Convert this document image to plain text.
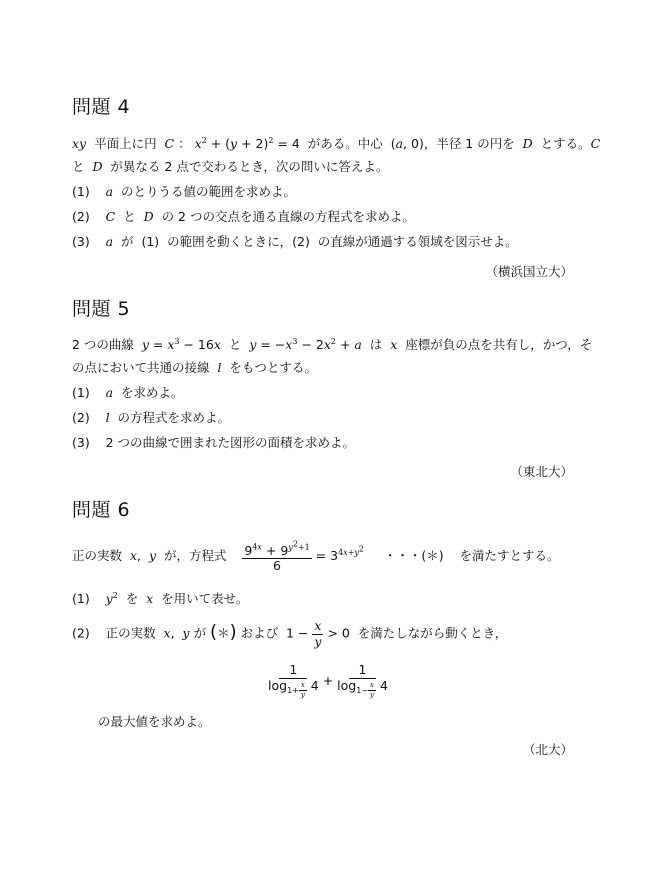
問題 4
xy  平面上に円  C ： $x^2 + (y + 2)^2 = 4$  がある。中心  (a, 0)，半径 1 の円を  D  とする。C
と  D  が異なる 2 点で交わるとき，次の問いに答えよ。
(1)    a  のとりうる値の範囲を求めよ。
(2)    C  と  D  の 2 つの交点を通る直線の方程式を求めよ。
(3)    a  が  (1)  の範囲を動くときに，(2)  の直線が通過する領域を図示せよ。
（横浜国立大）
問題 5
2 つの曲線  $y = x^3 - 16x$  と  $y = -x^3 - 2x^2 + a$  は  x  座標が負の点を共有し，かつ，そ
の点において共通の接線  l  をもつとする。
(1)    a  を求めよ。
(2)    l  の方程式を求めよ。
(3)    2 つの曲線で囲まれた図形の面積を求めよ。
（東北大）
問題 6
正の実数  x,  y  が，方程式 $\frac{9^{4x} + 9^{y^2+1}}{6} = 3^{4x+y^2}$     ・・・(＊)    を満たすとする。
(1)    $y^2$  を  x  を用いて表せ。
(2)    正の実数  x,  y が (＊) および  $1 - \frac{x}{y} > 0$  を満たしながら動くとき，
1
$\log_{1+ \frac{x}{y}} 4 + 1$
$\log_{1- \frac{x}{y}} 4$
の最大値を求めよ。
（北大）
